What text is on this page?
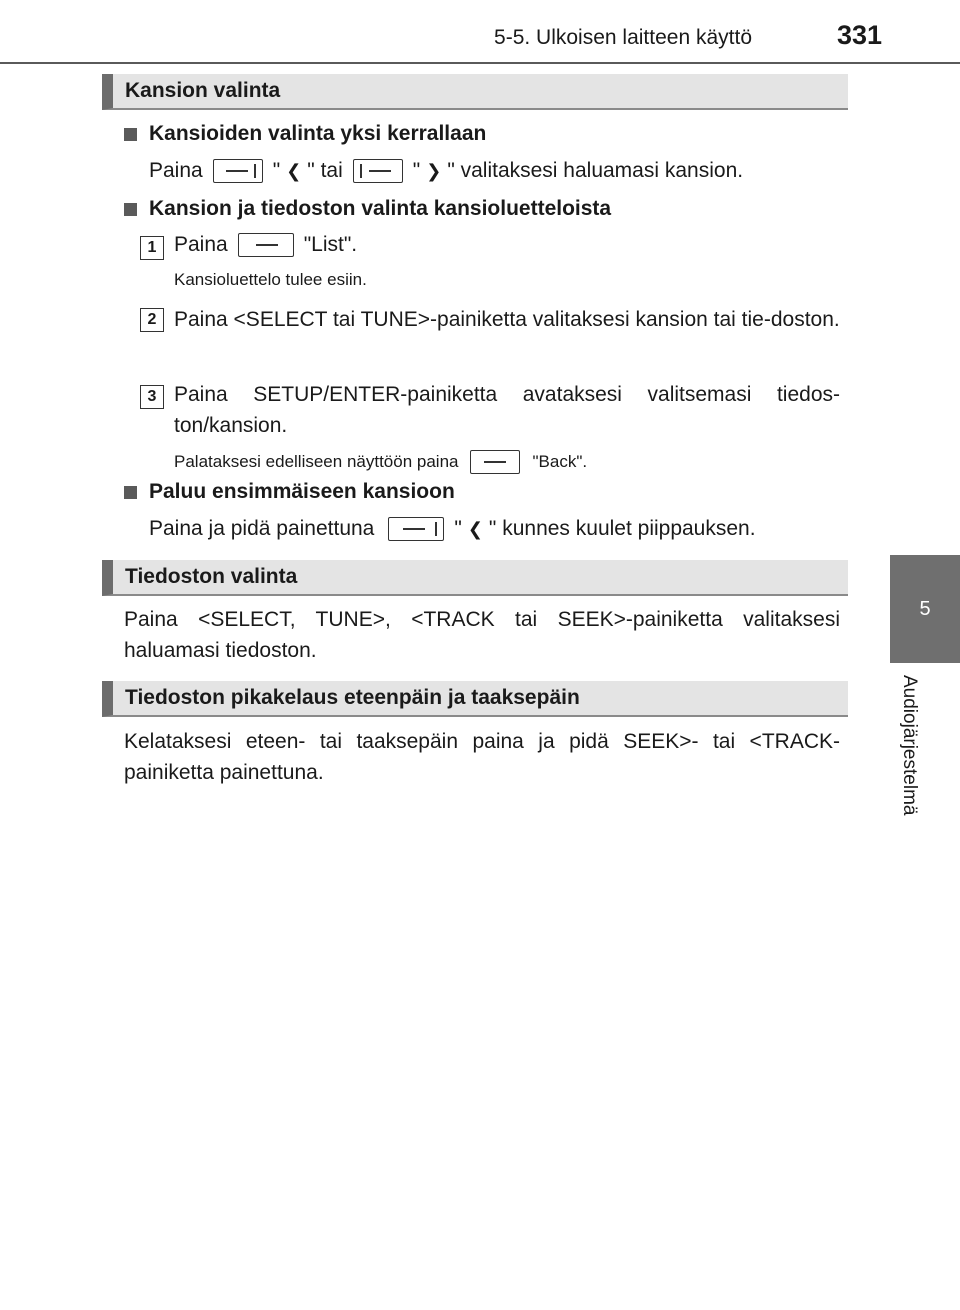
5-5. Ulkoisen laitteen käyttö	331
5
Audiojärjestelmä
Kansion valinta
Kansioiden valinta yksi kerrallaan
Paina	" ❮ " tai	" ❯ " valitaksesi haluamasi kansion.
Kansion ja tiedoston valinta kansioluetteloista
1 Paina	"List".
Kansioluettelo tulee esiin.
2 Paina <SELECT tai TUNE>-painiketta valitaksesi kansion tai tie-doston.
3 Paina SETUP/ENTER-painiketta avataksesi valitsemasi tiedos-ton/kansion.
Palataksesi edelliseen näyttöön paina	"Back".
Paluu ensimmäiseen kansioon
Paina ja pidä painettuna	" ❮ " kunnes kuulet piippauksen.
Tiedoston valinta
Paina <SELECT, TUNE>, <TRACK tai SEEK>-painiketta valitaksesi haluamasi tiedoston.
Tiedoston pikakelaus eteenpäin ja taaksepäin
Kelataksesi eteen- tai taaksepäin paina ja pidä SEEK>- tai <TRACK-painiketta painettuna.
